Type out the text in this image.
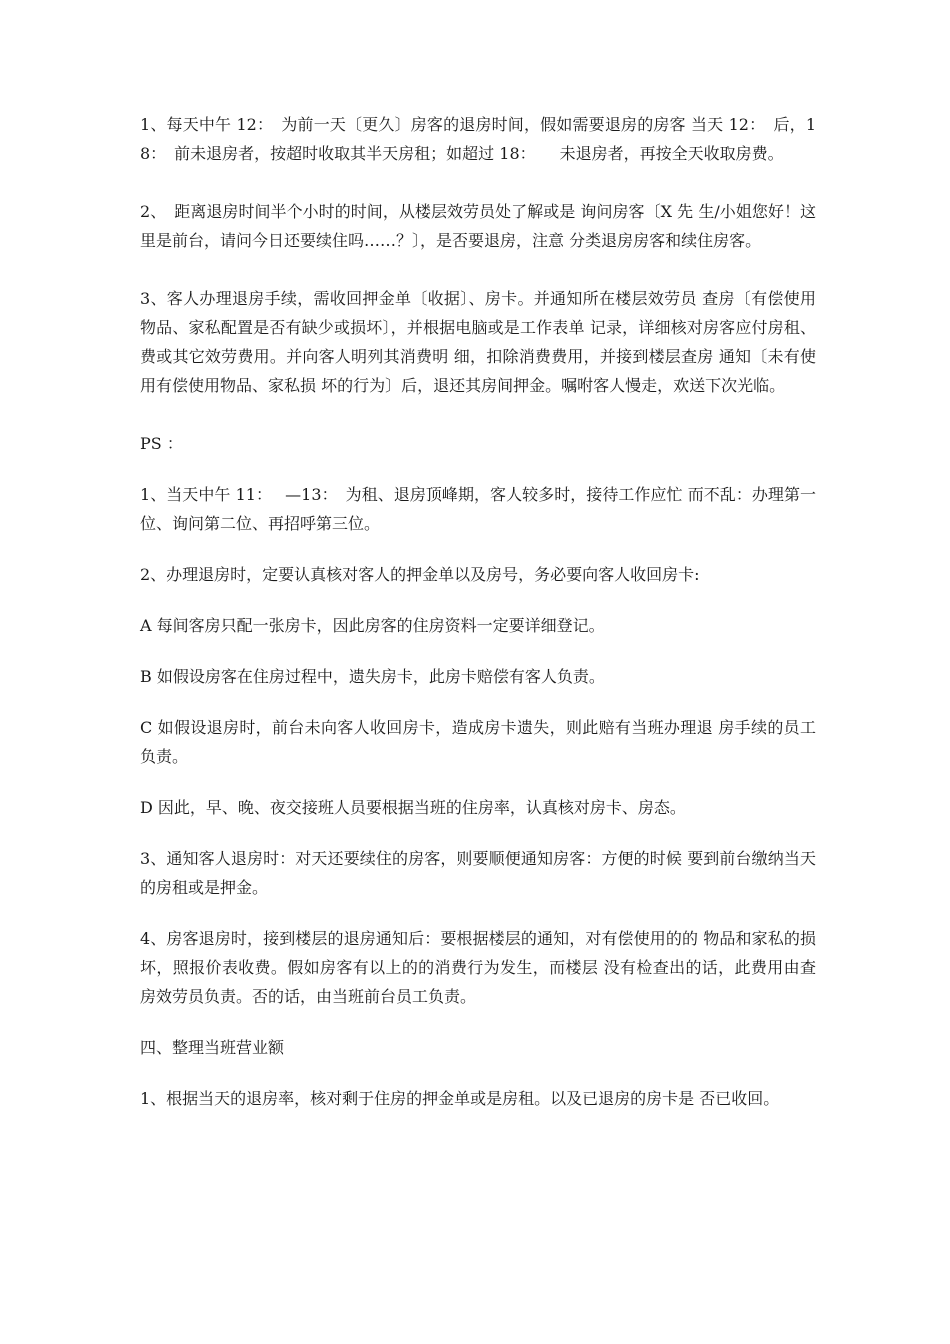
1、每天中午 12：　为前一天〔更久〕房客的退房时间，假如需要退房的房客 当天 12：　后，18：　前未退房者，按超时收取其半天房租；如超过 18：　　未退房者，再按全天收取房费。

2、　距离退房时间半个小时的时间，从楼层效劳员处了解或是 询问房客〔X 先 生/小姐您好！这里是前台，请问今日还要续住吗……？〕，是否要退房，注意 分类退房房客和续住房客。

3、客人办理退房手续，需收回押金单〔收据〕、房卡。并通知所在楼层效劳员 查房〔有偿使用物品、家私配置是否有缺少或损坏〕，并根据电脑或是工作表单 记录，详细核对房客应付房租、 费或其它效劳费用。并向客人明列其消费明 细，扣除消费费用，并接到楼层查房 通知〔未有使用有偿使用物品、家私损 坏的行为〕后，退还其房间押金。嘱咐客人慢走，欢送下次光临。

PS ：

1、当天中午 11：　 —13：　为租、退房顶峰期，客人较多时，接待工作应忙 而不乱：办理第一位、询问第二位、再招呼第三位。

2、办理退房时，定要认真核对客人的押金单以及房号，务必要向客人收回房卡:

A 每间客房只配一张房卡，因此房客的住房资料一定要详细登记。

B 如假设房客在住房过程中，遗失房卡，此房卡赔偿有客人负责。

C 如假设退房时，前台未向客人收回房卡，造成房卡遗失，则此赔有当班办理退 房手续的员工负责。

D 因此，早、晚、夜交接班人员要根据当班的住房率，认真核对房卡、房态。

3、通知客人退房时：对天还要续住的房客，则要顺便通知房客：方便的时候 要到前台缴纳当天的房租或是押金。

4、房客退房时，接到楼层的退房通知后：要根据楼层的通知，对有偿使用的的 物品和家私的损坏，照报价表收费。假如房客有以上的的消费行为发生，而楼层 没有检查出的话，此费用由查房效劳员负责。否的话，由当班前台员工负责。

四、整理当班营业额

1、根据当天的退房率，核对剩于住房的押金单或是房租。以及已退房的房卡是 否已收回。
